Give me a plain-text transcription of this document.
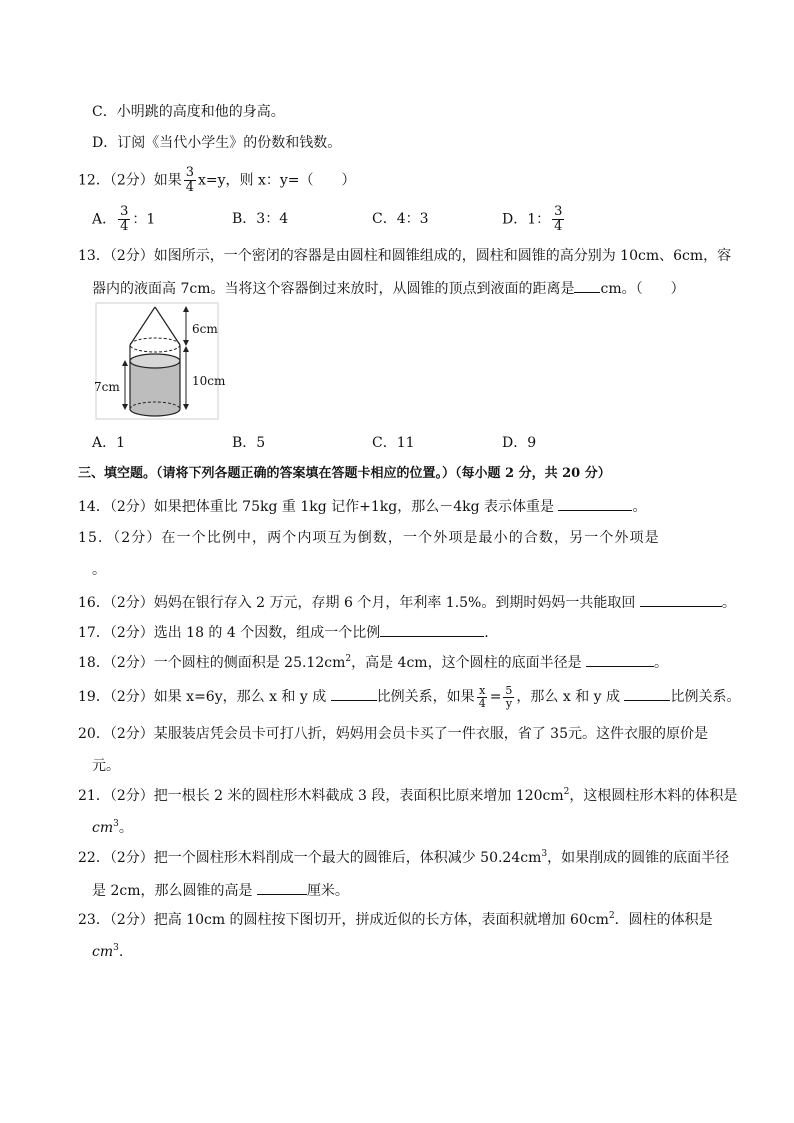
C．小明跳的高度和他的身高。
D．订阅《当代小学生》的份数和钱数。
12．（2分）如果 $\frac{3}{4} x=y$，则 x：y=（　　）
A． $\frac{3}{4}$ ：1	B．3：4	C．4：3	D．1： $\frac{3}{4}$
13．（2分）如图所示，一个密闭的容器是由圆柱和圆锥组成的，圆柱和圆锥的高分别为 10cm、6cm，容
器内的液面高 7cm。当将这个容器倒过来放时，从圆锥的顶点到液面的距离是 cm。（　　）
6cm
10cm
7cm
A．1	B．5	C．11	D．9
三、填空题。（请将下列各题正确的答案填在答题卡相应的位置。）（每小题 2 分，共 20 分）
14．（2分）如果把体重比 75kg 重 1kg 记作+1kg，那么－4kg 表示体重是	。
15．（2分）在一个比例中，两个内项互为倒数，一个外项是最小的合数，另一个外项是
。
16．（2分）妈妈在银行存入 2 万元，存期 6 个月，年利率 1.5%。到期时妈妈一共能取回	。
17．（2分）选出 18 的 4 个因数，组成一个比例	.
18．（2分）一个圆柱的侧面积是 $25.12cm^2$，高是 4cm，这个圆柱的底面半径是	。
19．（2分）如果 x=6y，那么 x 和 y 成	比例关系，如果 $\frac{x}{4} = \frac{5}{y}$ ，那么 x 和 y 成	比例关系。
20．（2分）某服装店凭会员卡可打八折，妈妈用会员卡买了一件衣服，省了 35元。这件衣服的原价是
元。
21．（2分）把一根长 2 米的圆柱形木料截成 3 段，表面积比原来增加 $120cm^2$，这根圆柱形木料的体积是
$cm^3$。
22．（2分）把一个圆柱形木料削成一个最大的圆锥后，体积减少 $50.24cm^3$，如果削成的圆锥的底面半径
是 2cm，那么圆锥的高是	厘米。
23．（2分）把高 10cm 的圆柱按下图切开，拼成近似的长方体，表面积就增加 $60cm^2$．圆柱的体积是
$cm^3$.
